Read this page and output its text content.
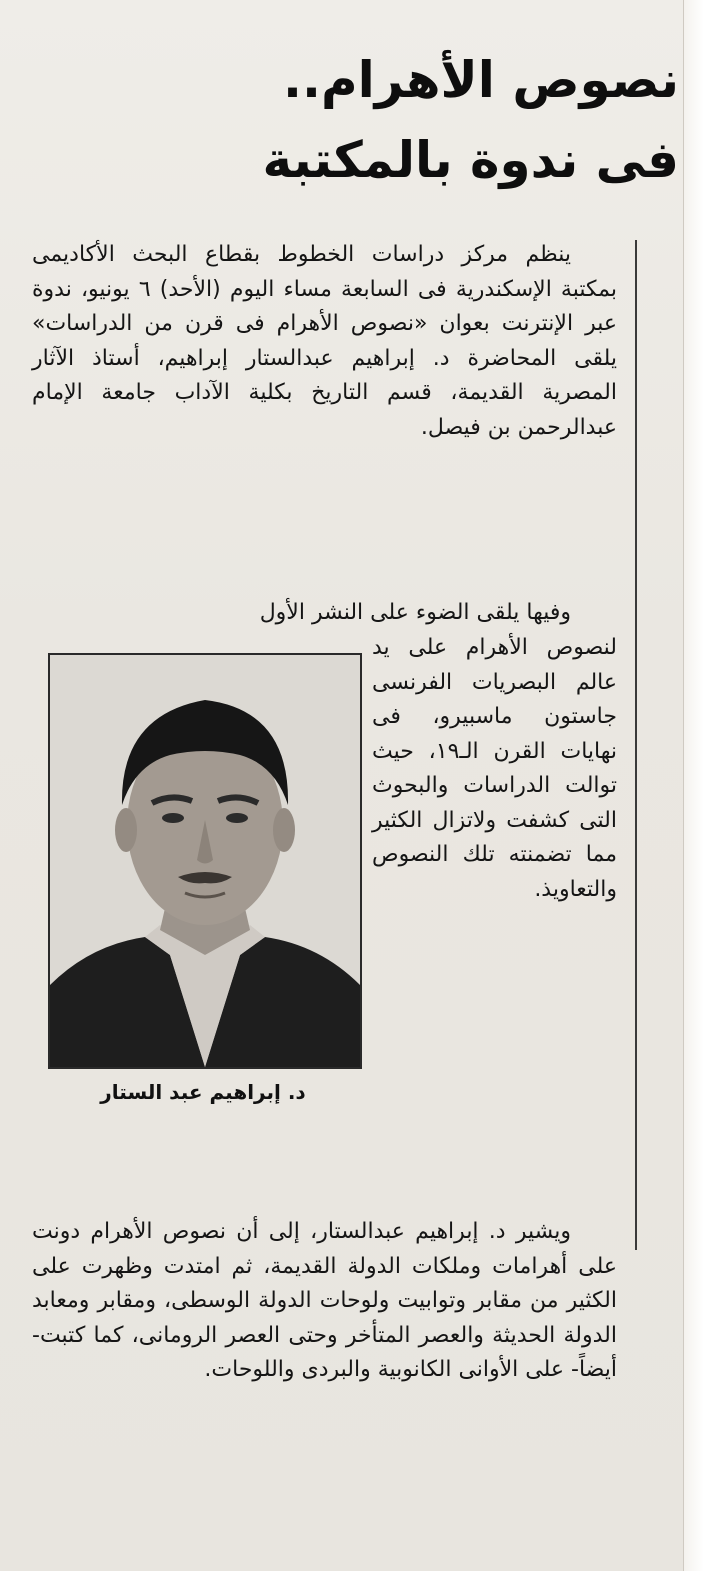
نصوص الأهرام..
فى ندوة بالمكتبة

ينظم مركز دراسات الخطوط بقطاع البحث الأكاديمى بمكتبة الإسكندرية فى السابعة مساء اليوم (الأحد) ٦ يونيو، ندوة عبر الإنترنت بعوان «نصوص الأهرام فى قرن من الدراسات» يلقى المحاضرة د. إبراهيم عبدالستار إبراهيم، أستاذ الآثار المصرية القديمة، قسم التاريخ بكلية الآداب جامعة الإمام عبدالرحمن بن فيصل.

وفيها يلقى الضوء على النشر الأول

لنصوص الأهرام على يد عالم البصريات الفرنسى جاستون ماسبيرو، فى نهايات القرن الـ١٩، حيث توالت الدراسات والبحوث التى كشفت ولاتزال الكثير مما تضمنته تلك النصوص والتعاويذ.

د. إبراهيم عبد الستار

ويشير د. إبراهيم عبدالستار، إلى أن نصوص الأهرام دونت على أهرامات وملكات الدولة القديمة، ثم امتدت وظهرت على الكثير من مقابر وتوابيت ولوحات الدولة الوسطى، ومقابر ومعابد الدولة الحديثة والعصر المتأخر وحتى العصر الرومانى، كما كتبت- أيضاً- على الأوانى الكانوبية والبردى واللوحات.
